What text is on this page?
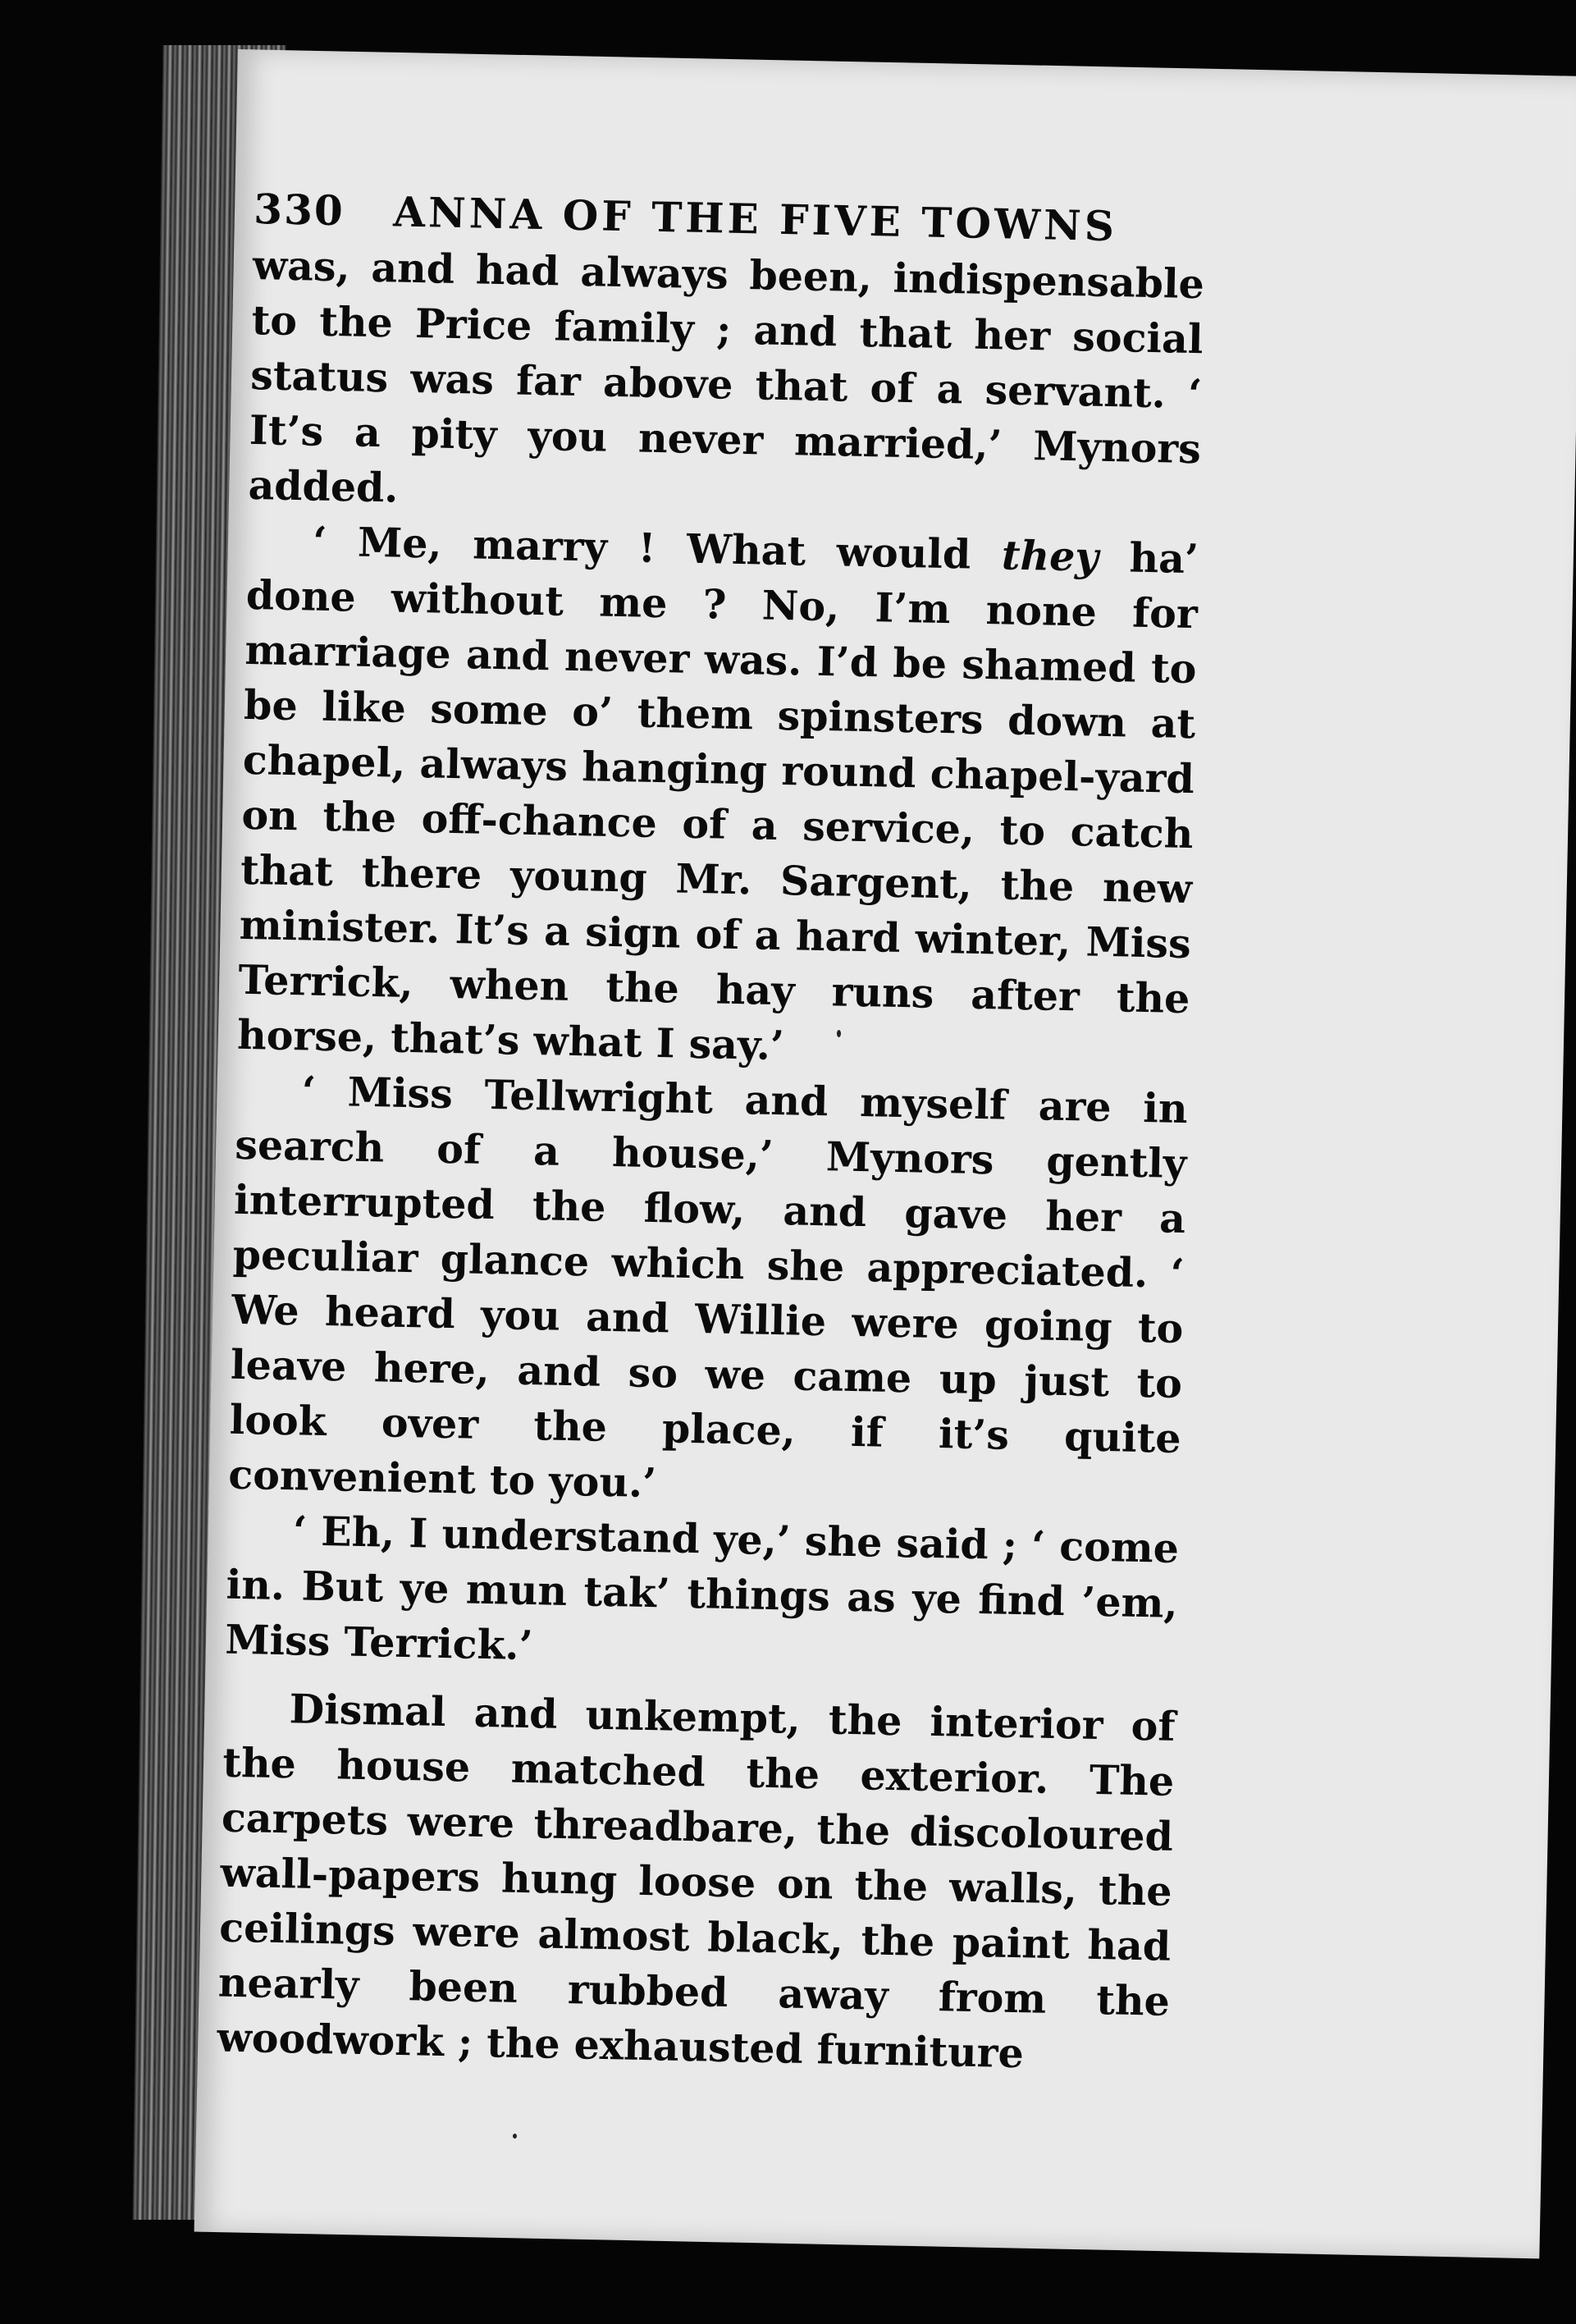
330	ANNA OF THE FIVE TOWNS

was, and had always been, indispensable to the Price family ; and that her social status was far above that of a servant. ‘ It’s a pity you never married,’ Mynors added.

‘ Me, marry ! What would they ha’ done without me ? No, I’m none for marriage and never was. I’d be shamed to be like some o’ them spinsters down at chapel, always hanging round chapel-yard on the off-chance of a service, to catch that there young Mr. Sargent, the new minister. It’s a sign of a hard winter, Miss Terrick, when the hay runs after the horse, that’s what I say.’

‘ Miss Tellwright and myself are in search of a house,’ Mynors gently interrupted the flow, and gave her a peculiar glance which she appreciated. ‘ We heard you and Willie were going to leave here, and so we came up just to look over the place, if it’s quite convenient to you.’

‘ Eh, I understand ye,’ she said ; ‘ come in. But ye mun tak’ things as ye find ’em, Miss Terrick.’

Dismal and unkempt, the interior of the house matched the exterior. The carpets were threadbare, the discoloured wall-papers hung loose on the walls, the ceilings were almost black, the paint had nearly been rubbed away from the woodwork ; the exhausted furniture
